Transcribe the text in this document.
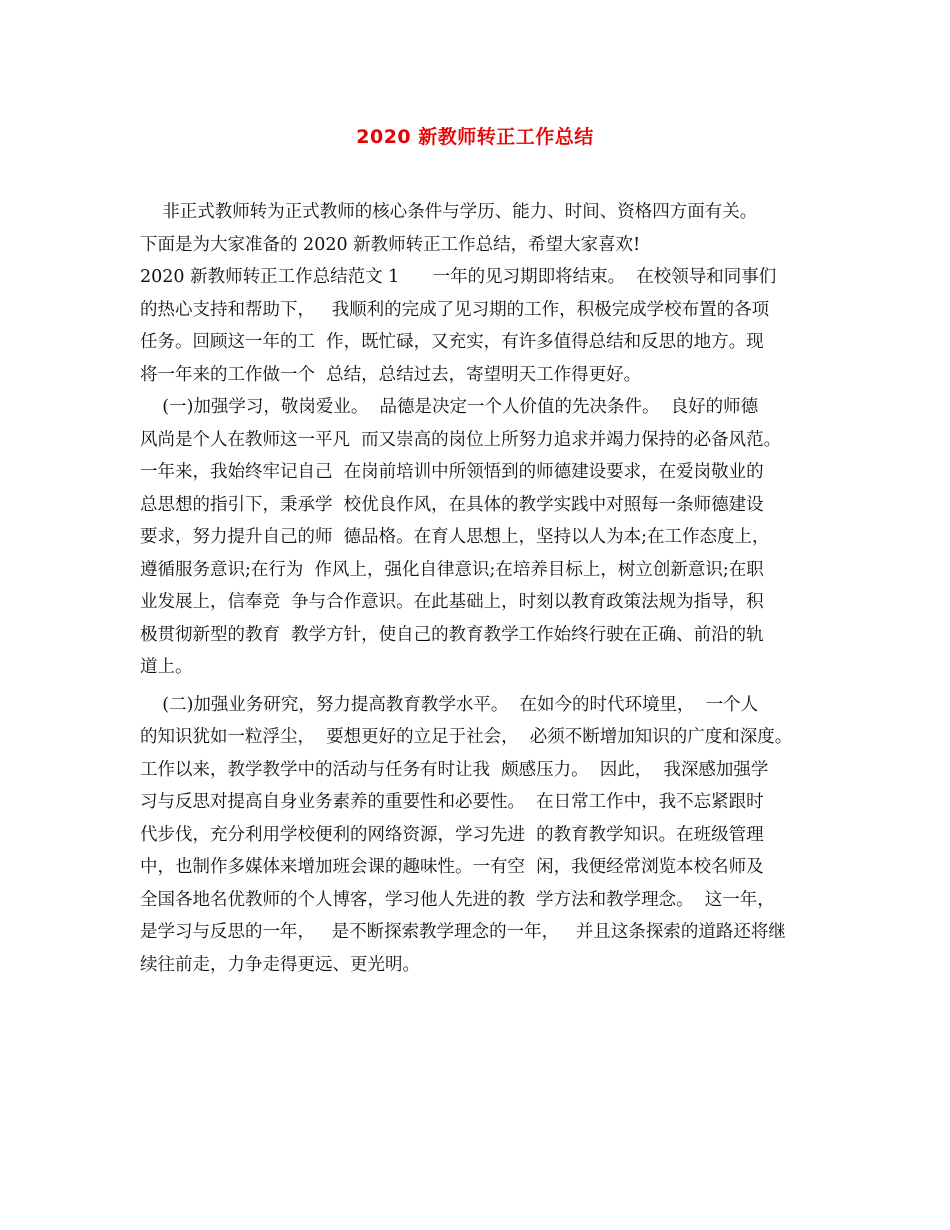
2020 新教师转正工作总结
非正式教师转为正式教师的核心条件与学历、能力、时间、资格四方面有关。
下面是为大家准备的 2020 新教师转正工作总结，希望大家喜欢!
2020 新教师转正工作总结范文 1      一年的见习期即将结束。  在校领导和同事们
的热心支持和帮助下，   我顺利的完成了见习期的工作，积极完成学校布置的各项
任务。回顾这一年的工  作，既忙碌，又充实，有许多值得总结和反思的地方。现
将一年来的工作做一个  总结，总结过去，寄望明天工作得更好。
(一)加强学习，敬岗爱业。  品德是决定一个人价值的先决条件。  良好的师德
风尚是个人在教师这一平凡  而又崇高的岗位上所努力追求并竭力保持的必备风范。
一年来，我始终牢记自己  在岗前培训中所领悟到的师德建设要求，在爱岗敬业的
总思想的指引下，秉承学  校优良作风，在具体的教学实践中对照每一条师德建设
要求，努力提升自己的师  德品格。在育人思想上，坚持以人为本;在工作态度上，
遵循服务意识;在行为  作风上，强化自律意识;在培养目标上，树立创新意识;在职
业发展上，信奉竞  争与合作意识。在此基础上，时刻以教育政策法规为指导，积
极贯彻新型的教育  教学方针，使自己的教育教学工作始终行驶在正确、前沿的轨
道上。
(二)加强业务研究，努力提高教育教学水平。  在如今的时代环境里，  一个人
的知识犹如一粒浮尘，  要想更好的立足于社会，  必须不断增加知识的广度和深度。
工作以来，教学教学中的活动与任务有时让我  颇感压力。  因此，  我深感加强学
习与反思对提高自身业务素养的重要性和必要性。  在日常工作中，我不忘紧跟时
代步伐，充分利用学校便利的网络资源，学习先进  的教育教学知识。在班级管理
中，也制作多媒体来增加班会课的趣味性。一有空  闲，我便经常浏览本校名师及
全国各地名优教师的个人博客，学习他人先进的教  学方法和教学理念。  这一年，
是学习与反思的一年，   是不断探索教学理念的一年，   并且这条探索的道路还将继
续往前走，力争走得更远、更光明。
